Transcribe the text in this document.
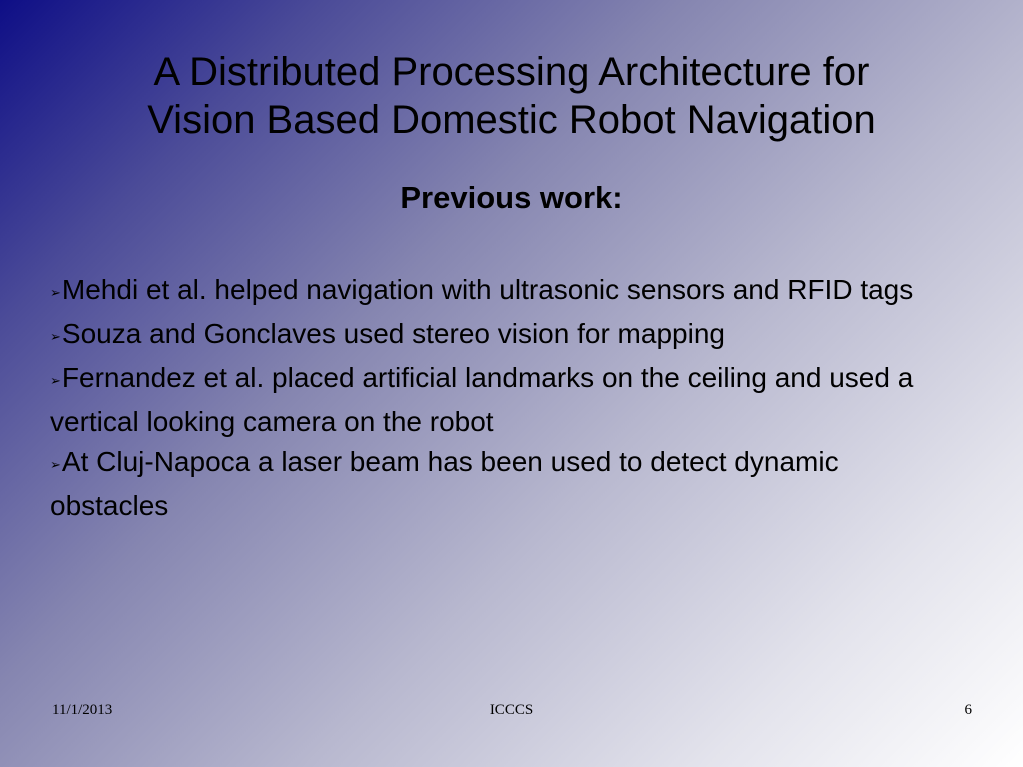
A Distributed Processing Architecture for
Vision Based Domestic Robot Navigation
Previous work:
➢Mehdi et al. helped navigation with ultrasonic sensors and RFID tags
➢Souza and Gonclaves used stereo vision for mapping
➢Fernandez et al. placed artificial landmarks on the ceiling and used a vertical looking camera on the robot
➢At Cluj-Napoca a laser beam has been used to detect dynamic obstacles
11/1/2013	ICCCS	6
